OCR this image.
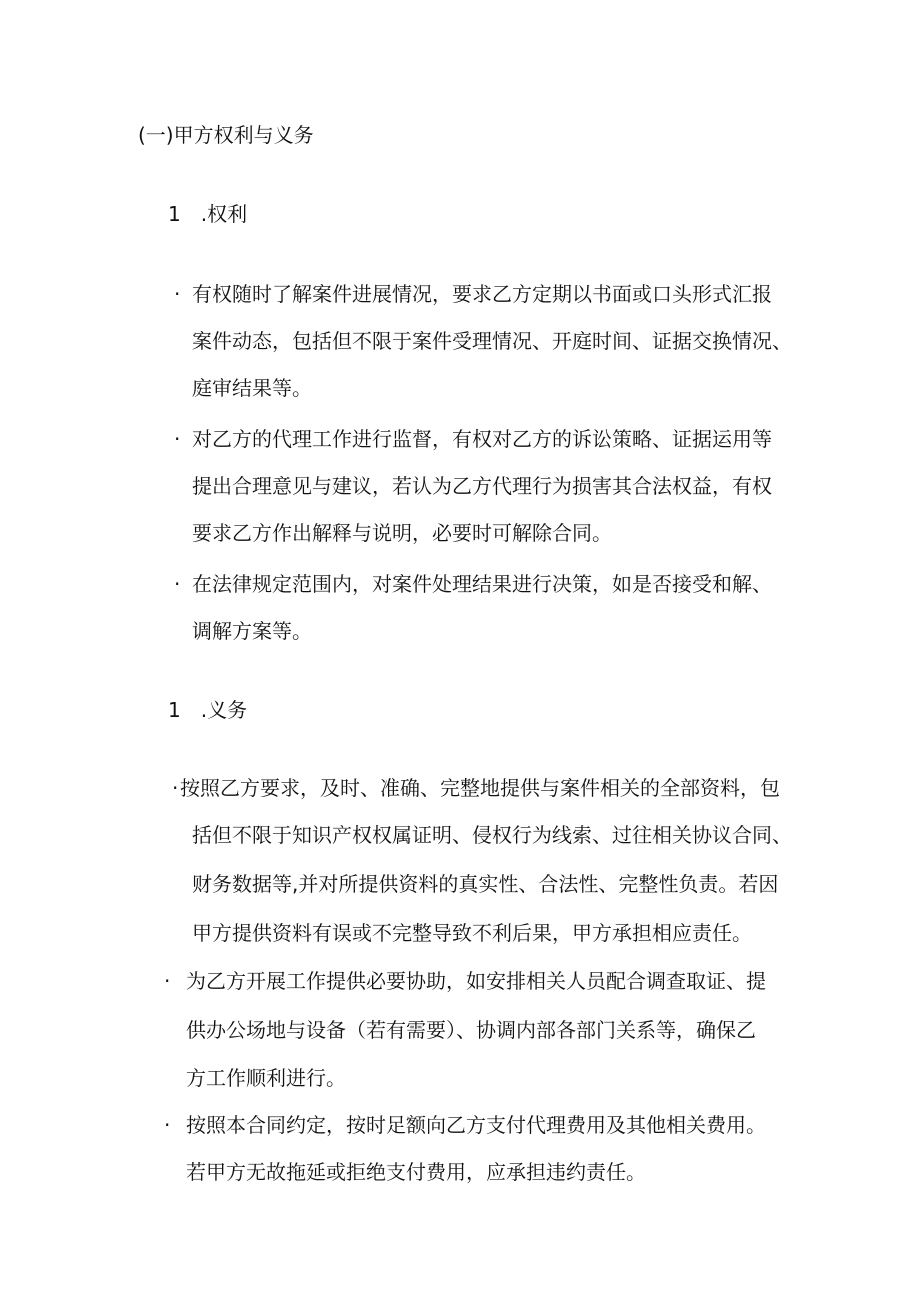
(一)甲方权利与义务
1　.权利
· 有权随时了解案件进展情况，要求乙方定期以书面或口头形式汇报
案件动态，包括但不限于案件受理情况、开庭时间、证据交换情况、
庭审结果等。
· 对乙方的代理工作进行监督，有权对乙方的诉讼策略、证据运用等
提出合理意见与建议，若认为乙方代理行为损害其合法权益，有权
要求乙方作出解释与说明，必要时可解除合同。
· 在法律规定范围内，对案件处理结果进行决策，如是否接受和解、
调解方案等。
1　.义务
· 按照乙方要求，及时、准确、完整地提供与案件相关的全部资料，包
括但不限于知识产权权属证明、侵权行为线索、过往相关协议合同、
财务数据等,并对所提供资料的真实性、合法性、完整性负责。若因
甲方提供资料有误或不完整导致不利后果，甲方承担相应责任。
· 为乙方开展工作提供必要协助，如安排相关人员配合调查取证、提
供办公场地与设备（若有需要）、协调内部各部门关系等，确保乙
方工作顺利进行。
· 按照本合同约定，按时足额向乙方支付代理费用及其他相关费用。
若甲方无故拖延或拒绝支付费用，应承担违约责任。
